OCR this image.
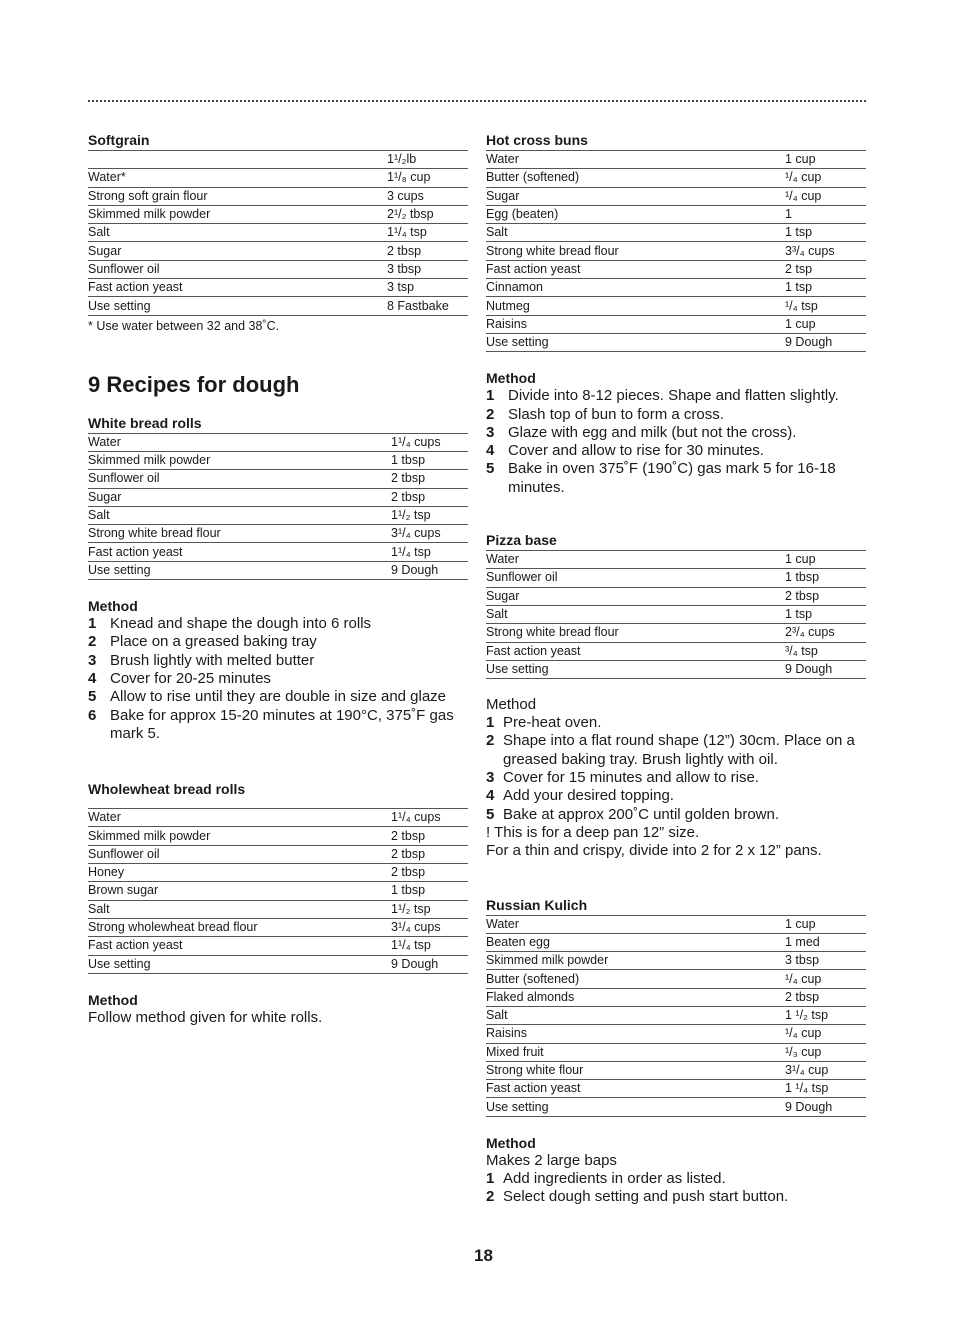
Softgrain
	1¹/₂lb
Water*	1¹/₈ cup
Strong soft grain flour	3 cups
Skimmed milk powder	2¹/₂ tbsp
Salt	1¹/₄ tsp
Sugar	2 tbsp
Sunflower oil	3 tbsp
Fast action yeast	3 tsp
Use setting	8 Fastbake
* Use water between 32 and 38˚C.
9 Recipes for dough
White bread rolls
Water	1¹/₄ cups
Skimmed milk powder	1 tbsp
Sunflower oil	2 tbsp
Sugar	2 tbsp
Salt	1¹/₂ tsp
Strong white bread flour	3¹/₄ cups
Fast action yeast	1¹/₄ tsp
Use setting	9 Dough
Method
1 Knead and shape the dough into 6 rolls
2 Place on a greased baking tray
3 Brush lightly with melted butter
4 Cover for 20-25 minutes
5 Allow to rise until they are double in size and glaze
6 Bake for approx 15-20 minutes at 190°C, 375˚F gas mark 5.
Wholewheat bread rolls
Water	1¹/₄ cups
Skimmed milk powder	2 tbsp
Sunflower oil	2 tbsp
Honey	2 tbsp
Brown sugar	1 tbsp
Salt	1¹/₂ tsp
Strong wholewheat bread flour	3¹/₄ cups
Fast action yeast	1¹/₄ tsp
Use setting	9 Dough
Method
Follow method given for white rolls.
Hot cross buns
Water	1 cup
Butter (softened)	¹/₄ cup
Sugar	¹/₄ cup
Egg (beaten)	1
Salt	1 tsp
Strong white bread flour	3³/₄ cups
Fast action yeast	2 tsp
Cinnamon	1 tsp
Nutmeg	¹/₄ tsp
Raisins	1 cup
Use setting	9 Dough
Method
1 Divide into 8-12 pieces. Shape and flatten slightly.
2 Slash top of bun to form a cross.
3 Glaze with egg and milk (but not the cross).
4 Cover and allow to rise for 30 minutes.
5 Bake in oven 375˚F (190˚C) gas mark 5 for 16-18 minutes.
Pizza base
Water	1 cup
Sunflower oil	1 tbsp
Sugar	2 tbsp
Salt	1 tsp
Strong white bread flour	2³/₄ cups
Fast action yeast	³/₄ tsp
Use setting	9 Dough
Method
1 Pre-heat oven.
2 Shape into a flat round shape (12”) 30cm. Place on a greased baking tray. Brush lightly with oil.
3 Cover for 15 minutes and allow to rise.
4 Add your desired topping.
5 Bake at approx 200˚C until golden brown.
! This is for a deep pan 12” size.
For a thin and crispy, divide into 2 for 2 x 12” pans.
Russian Kulich
Water	1 cup
Beaten egg	1 med
Skimmed milk powder	3 tbsp
Butter (softened)	¹/₄ cup
Flaked almonds	2 tbsp
Salt	1 ¹/₂ tsp
Raisins	¹/₄ cup
Mixed fruit	¹/₃ cup
Strong white flour	3¹/₄ cup
Fast action yeast	1 ¹/₄ tsp
Use setting	9 Dough
Method
Makes 2 large baps
1 Add ingredients in order as listed.
2 Select dough setting and push start button.
18
